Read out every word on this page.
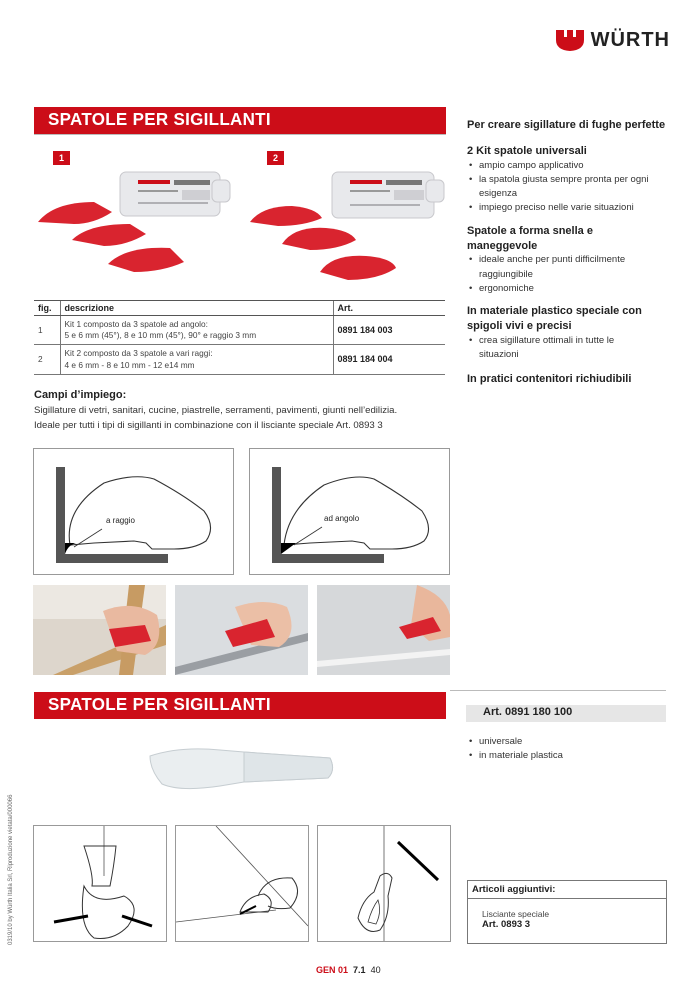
WÜRTH
SPATOLE PER SIGILLANTI
1	2
fig.	descrizione	Art.
1	Kit 1 composto da 3 spatole ad angolo:
5 e 6 mm (45°), 8 e 10 mm (45°), 90° e raggio 3 mm	0891 184 003
2	Kit 2 composto da 3 spatole a vari raggi:
4 e 6 mm - 8 e 10 mm - 12 e14 mm	0891 184 004
Campi d’impiego:
Sigillature di vetri, sanitari, cucine, piastrelle, serramenti, pavimenti, giunti nell’edilizia.
Ideale per tutti i tipi di sigillanti in combinazione con il lisciante speciale Art. 0893 3
Per creare sigillature di fughe perfette
2 Kit spatole universali
• ampio campo applicativo
• la spatola giusta sempre pronta per ogni esigenza
• impiego preciso nelle varie situazioni
Spatole a forma snella e maneggevole
• ideale anche per punti difficilmente raggiungibile
• ergonomiche
In materiale plastico speciale con spigoli vivi e precisi
• crea sigillature ottimali in tutte le situazioni
In pratici contenitori richiudibili
a raggio	ad angolo
SPATOLE PER SIGILLANTI	Art. 0891 180 100
• universale
• in materiale plastica
Articoli aggiuntivi:
Lisciante speciale
Art. 0893 3
GEN 01 7.1 40
0319/10 by Würth Italia Srl, Riproduzione vietata/000066
